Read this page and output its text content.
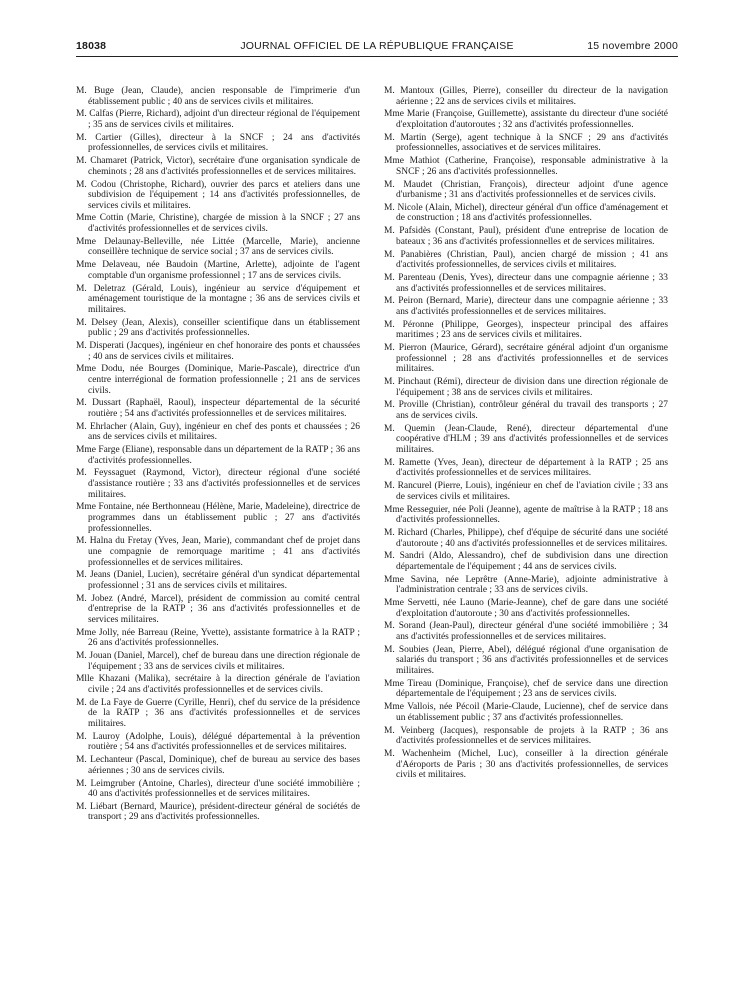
18038	JOURNAL OFFICIEL DE LA RÉPUBLIQUE FRANÇAISE	15 novembre 2000

M. Buge (Jean, Claude), ancien responsable de l'imprimerie d'un établissement public ; 40 ans de services civils et militaires.

M. Calfas (Pierre, Richard), adjoint d'un directeur régional de l'équipement ; 35 ans de services civils et militaires.

M. Cartier (Gilles), directeur à la SNCF ; 24 ans d'activités professionnelles, de services civils et militaires.

M. Chamaret (Patrick, Victor), secrétaire d'une organisation syndicale de cheminots ; 28 ans d'activités professionnelles et de services militaires.

M. Codou (Christophe, Richard), ouvrier des parcs et ateliers dans une subdivision de l'équipement ; 14 ans d'activités professionnelles, de services civils et militaires.

Mme Cottin (Marie, Christine), chargée de mission à la SNCF ; 27 ans d'activités professionnelles et de services civils.

Mme Delaunay-Belleville, née Littée (Marcelle, Marie), ancienne conseillère technique de service social ; 37 ans de services civils.

Mme Delaveau, née Baudoin (Martine, Arlette), adjointe de l'agent comptable d'un organisme professionnel ; 17 ans de services civils.

M. Deletraz (Gérald, Louis), ingénieur au service d'équipement et aménagement touristique de la montagne ; 36 ans de services civils et militaires.

M. Delsey (Jean, Alexis), conseiller scientifique dans un établissement public ; 29 ans d'activités professionnelles.

M. Disperati (Jacques), ingénieur en chef honoraire des ponts et chaussées ; 40 ans de services civils et militaires.

Mme Dodu, née Bourges (Dominique, Marie-Pascale), directrice d'un centre interrégional de formation professionnelle ; 21 ans de services civils.

M. Dussart (Raphaël, Raoul), inspecteur départemental de la sécurité routière ; 54 ans d'activités professionnelles et de services militaires.

M. Ehrlacher (Alain, Guy), ingénieur en chef des ponts et chaussées ; 26 ans de services civils et militaires.

Mme Farge (Eliane), responsable dans un département de la RATP ; 36 ans d'activités professionnelles.

M. Feyssaguet (Raymond, Victor), directeur régional d'une société d'assistance routière ; 33 ans d'activités professionnelles et de services militaires.

Mme Fontaine, née Berthonneau (Hélène, Marie, Madeleine), directrice de programmes dans un établissement public ; 27 ans d'activités professionnelles.

M. Halna du Fretay (Yves, Jean, Marie), commandant chef de projet dans une compagnie de remorquage maritime ; 41 ans d'activités professionnelles et de services militaires.

M. Jeans (Daniel, Lucien), secrétaire général d'un syndicat départemental professionnel ; 31 ans de services civils et militaires.

M. Jobez (André, Marcel), président de commission au comité central d'entreprise de la RATP ; 36 ans d'activités professionnelles et de services militaires.

Mme Jolly, née Barreau (Reine, Yvette), assistante formatrice à la RATP ; 26 ans d'activités professionnelles.

M. Jouan (Daniel, Marcel), chef de bureau dans une direction régionale de l'équipement ; 33 ans de services civils et militaires.

Mlle Khazani (Malika), secrétaire à la direction générale de l'aviation civile ; 24 ans d'activités professionnelles et de services civils.

M. de La Faye de Guerre (Cyrille, Henri), chef du service de la présidence de la RATP ; 36 ans d'activités professionnelles et de services militaires.

M. Lauroy (Adolphe, Louis), délégué départemental à la prévention routière ; 54 ans d'activités professionnelles et de services militaires.

M. Lechanteur (Pascal, Dominique), chef de bureau au service des bases aériennes ; 30 ans de services civils.

M. Leimgruber (Antoine, Charles), directeur d'une société immobilière ; 40 ans d'activités professionnelles et de services militaires.

M. Liébart (Bernard, Maurice), président-directeur général de sociétés de transport ; 29 ans d'activités professionnelles.

M. Mantoux (Gilles, Pierre), conseiller du directeur de la navigation aérienne ; 22 ans de services civils et militaires.

Mme Marie (Françoise, Guillemette), assistante du directeur d'une société d'exploitation d'autoroutes ; 32 ans d'activités professionnelles.

M. Martin (Serge), agent technique à la SNCF ; 29 ans d'activités professionnelles, associatives et de services militaires.

Mme Mathiot (Catherine, Françoise), responsable administrative à la SNCF ; 26 ans d'activités professionnelles.

M. Maudet (Christian, François), directeur adjoint d'une agence d'urbanisme ; 31 ans d'activités professionnelles et de services civils.

M. Nicole (Alain, Michel), directeur général d'un office d'aménagement et de construction ; 18 ans d'activités professionnelles.

M. Pafsidès (Constant, Paul), président d'une entreprise de location de bateaux ; 36 ans d'activités professionnelles et de services militaires.

M. Panabières (Christian, Paul), ancien chargé de mission ; 41 ans d'activités professionnelles, de services civils et militaires.

M. Parenteau (Denis, Yves), directeur dans une compagnie aérienne ; 33 ans d'activités professionnelles et de services militaires.

M. Peiron (Bernard, Marie), directeur dans une compagnie aérienne ; 33 ans d'activités professionnelles et de services militaires.

M. Péronne (Philippe, Georges), inspecteur principal des affaires maritimes ; 23 ans de services civils et militaires.

M. Pierron (Maurice, Gérard), secrétaire général adjoint d'un organisme professionnel ; 28 ans d'activités professionnelles et de services militaires.

M. Pinchaut (Rémi), directeur de division dans une direction régionale de l'équipement ; 38 ans de services civils et militaires.

M. Proville (Christian), contrôleur général du travail des transports ; 27 ans de services civils.

M. Quemin (Jean-Claude, René), directeur départemental d'une coopérative d'HLM ; 39 ans d'activités professionnelles et de services militaires.

M. Ramette (Yves, Jean), directeur de département à la RATP ; 25 ans d'activités professionnelles et de services militaires.

M. Rancurel (Pierre, Louis), ingénieur en chef de l'aviation civile ; 33 ans de services civils et militaires.

Mme Resseguier, née Poli (Jeanne), agente de maîtrise à la RATP ; 18 ans d'activités professionnelles.

M. Richard (Charles, Philippe), chef d'équipe de sécurité dans une société d'autoroute ; 40 ans d'activités professionnelles et de services militaires.

M. Sandri (Aldo, Alessandro), chef de subdivision dans une direction départementale de l'équipement ; 44 ans de services civils.

Mme Savina, née Leprêtre (Anne-Marie), adjointe administrative à l'administration centrale ; 33 ans de services civils.

Mme Servetti, née Launo (Marie-Jeanne), chef de gare dans une société d'exploitation d'autoroute ; 30 ans d'activités professionnelles.

M. Sorand (Jean-Paul), directeur général d'une société immobilière ; 34 ans d'activités professionnelles et de services militaires.

M. Soubies (Jean, Pierre, Abel), délégué régional d'une organisation de salariés du transport ; 36 ans d'activités professionnelles et de services militaires.

Mme Tireau (Dominique, Françoise), chef de service dans une direction départementale de l'équipement ; 23 ans de services civils.

Mme Vallois, née Pécoil (Marie-Claude, Lucienne), chef de service dans un établissement public ; 37 ans d'activités professionnelles.

M. Veinberg (Jacques), responsable de projets à la RATP ; 36 ans d'activités professionnelles et de services militaires.

M. Wachenheim (Michel, Luc), conseiller à la direction générale d'Aéroports de Paris ; 30 ans d'activités professionnelles, de services civils et militaires.
